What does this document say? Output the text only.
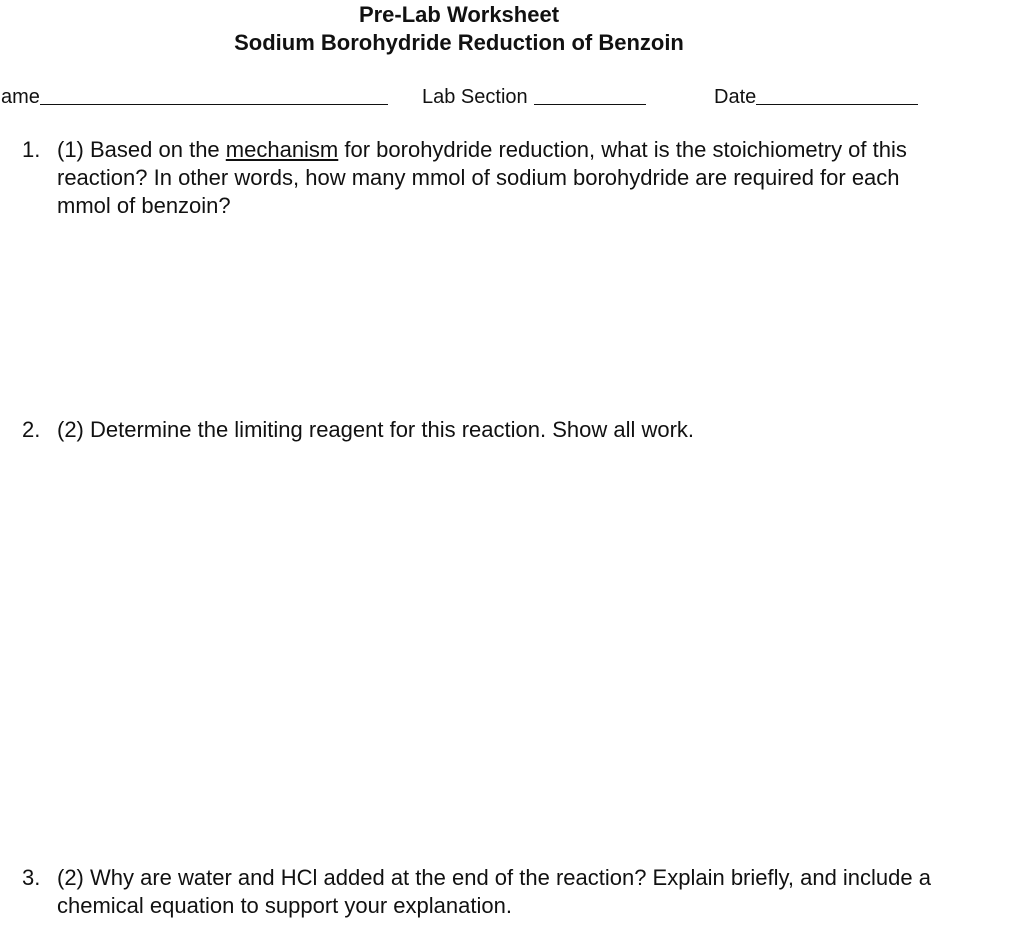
Pre-Lab Worksheet
Sodium Borohydride Reduction of Benzoin
ame	Lab Section	Date
1. (1) Based on the mechanism for borohydride reduction, what is the stoichiometry of this reaction? In other words, how many mmol of sodium borohydride are required for each mmol of benzoin?
2. (2) Determine the limiting reagent for this reaction. Show all work.
3. (2) Why are water and HCl added at the end of the reaction? Explain briefly, and include a chemical equation to support your explanation.
